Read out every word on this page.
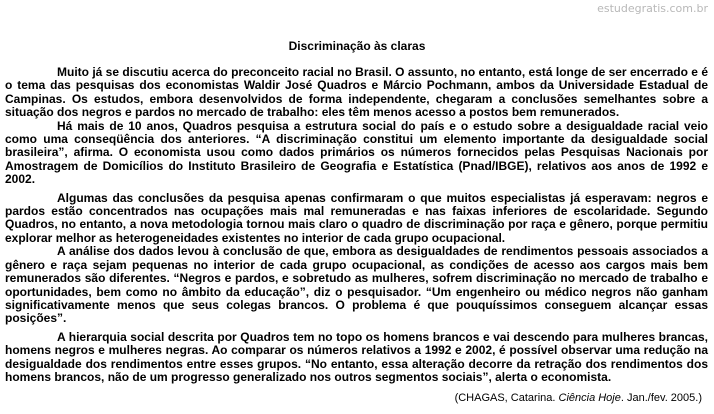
estudegratis.com.br
Discriminação às claras

Muito já se discutiu acerca do preconceito racial no Brasil. O assunto, no entanto, está longe de ser encerrado e é o tema das pesquisas dos economistas Waldir José Quadros e Márcio Pochmann, ambos da Universidade Estadual de Campinas. Os estudos, embora desenvolvidos de forma independente, chegaram a conclusões semelhantes sobre a situação dos negros e pardos no mercado de trabalho: eles têm menos acesso a postos bem remunerados.

Há mais de 10 anos, Quadros pesquisa a estrutura social do país e o estudo sobre a desigualdade racial veio como uma conseqüência dos anteriores. “A discriminação constitui um elemento importante da desigualdade social brasileira”, afirma. O economista usou como dados primários os números fornecidos pelas Pesquisas Nacionais por Amostragem de Domicílios do Instituto Brasileiro de Geografia e Estatística (Pnad/IBGE), relativos aos anos de 1992 e 2002.

Algumas das conclusões da pesquisa apenas confirmaram o que muitos especialistas já esperavam: negros e pardos estão concentrados nas ocupações mais mal remuneradas e nas faixas inferiores de escolaridade. Segundo Quadros, no entanto, a nova metodologia tornou mais claro o quadro de discriminação por raça e gênero, porque permitiu explorar melhor as heterogeneidades existentes no interior de cada grupo ocupacional.

A análise dos dados levou à conclusão de que, embora as desigualdades de rendimentos pessoais associados a gênero e raça sejam pequenas no interior de cada grupo ocupacional, as condições de acesso aos cargos mais bem remunerados são diferentes. “Negros e pardos, e sobretudo as mulheres, sofrem discriminação no mercado de trabalho e oportunidades, bem como no âmbito da educação”, diz o pesquisador. “Um engenheiro ou médico negros não ganham significativamente menos que seus colegas brancos. O problema é que pouquíssimos conseguem alcançar essas posições”.

A hierarquia social descrita por Quadros tem no topo os homens brancos e vai descendo para mulheres brancas, homens negros e mulheres negras. Ao comparar os números relativos a 1992 e 2002, é possível observar uma redução na desigualdade dos rendimentos entre esses grupos. “No entanto, essa alteração decorre da retração dos rendimentos dos homens brancos, não de um progresso generalizado nos outros segmentos sociais”, alerta o economista.

(CHAGAS, Catarina. Ciência Hoje. Jan./fev. 2005.)
